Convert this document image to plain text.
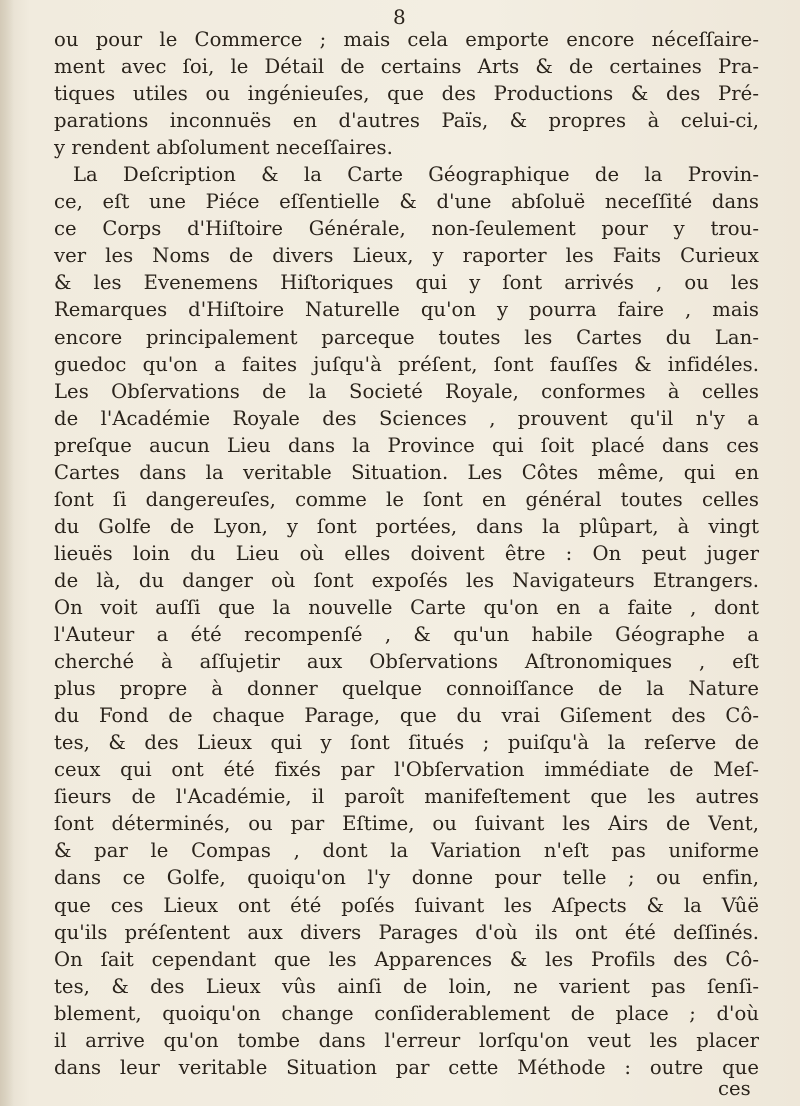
8
ou pour le Commerce ; mais cela emporte encore néceſſaire-
ment avec ſoi, le Détail de certains Arts & de certaines Pra-
tiques utiles ou ingénieuſes, que des Productions & des Pré-
parations inconnuës en d'autres Païs, & propres à celui-ci,
y rendent abſolument neceſſaires.
La Deſcription & la Carte Géographique de la Provin-
ce, eſt une Piéce eſſentielle & d'une abſoluë neceſſité dans
ce Corps d'Hiſtoire Générale, non-ſeulement pour y trou-
ver les Noms de divers Lieux, y raporter les Faits Curieux
& les Evenemens Hiſtoriques qui y ſont arrivés , ou les
Remarques d'Hiſtoire Naturelle qu'on y pourra faire , mais
encore principalement parceque toutes les Cartes du Lan-
guedoc qu'on a faites juſqu'à préſent, ſont fauſſes & infidéles.
Les Obſervations de la Societé Royale, conformes à celles
de l'Académie Royale des Sciences , prouvent qu'il n'y a
preſque aucun Lieu dans la Province qui ſoit placé dans ces
Cartes dans la veritable Situation. Les Côtes même, qui en
ſont ſi dangereuſes, comme le ſont en général toutes celles
du Golfe de Lyon, y ſont portées, dans la plûpart, à vingt
lieuës loin du Lieu où elles doivent être : On peut juger
de là, du danger où ſont expoſés les Navigateurs Etrangers.
On voit auſſi que la nouvelle Carte qu'on en a faite , dont
l'Auteur a été recompenſé , & qu'un habile Géographe a
cherché à aſſujetir aux Obſervations Aſtronomiques , eſt
plus propre à donner quelque connoiſſance de la Nature
du Fond de chaque Parage, que du vrai Giſement des Cô-
tes, & des Lieux qui y ſont ſitués ; puiſqu'à la reſerve de
ceux qui ont été fixés par l'Obſervation immédiate de Meſ-
ſieurs de l'Académie, il paroît manifeſtement que les autres
ſont déterminés, ou par Eſtime, ou ſuivant les Airs de Vent,
& par le Compas , dont la Variation n'eſt pas uniforme
dans ce Golfe, quoiqu'on l'y donne pour telle ; ou enfin,
que ces Lieux ont été poſés ſuivant les Aſpects & la Vûë
qu'ils préſentent aux divers Parages d'où ils ont été deſſinés.
On ſait cependant que les Apparences & les Profils des Cô-
tes, & des Lieux vûs ainſi de loin, ne varient pas ſenſi-
blement, quoiqu'on change conſiderablement de place ; d'où
il arrive qu'on tombe dans l'erreur lorſqu'on veut les placer
dans leur veritable Situation par cette Méthode : outre que
ces
